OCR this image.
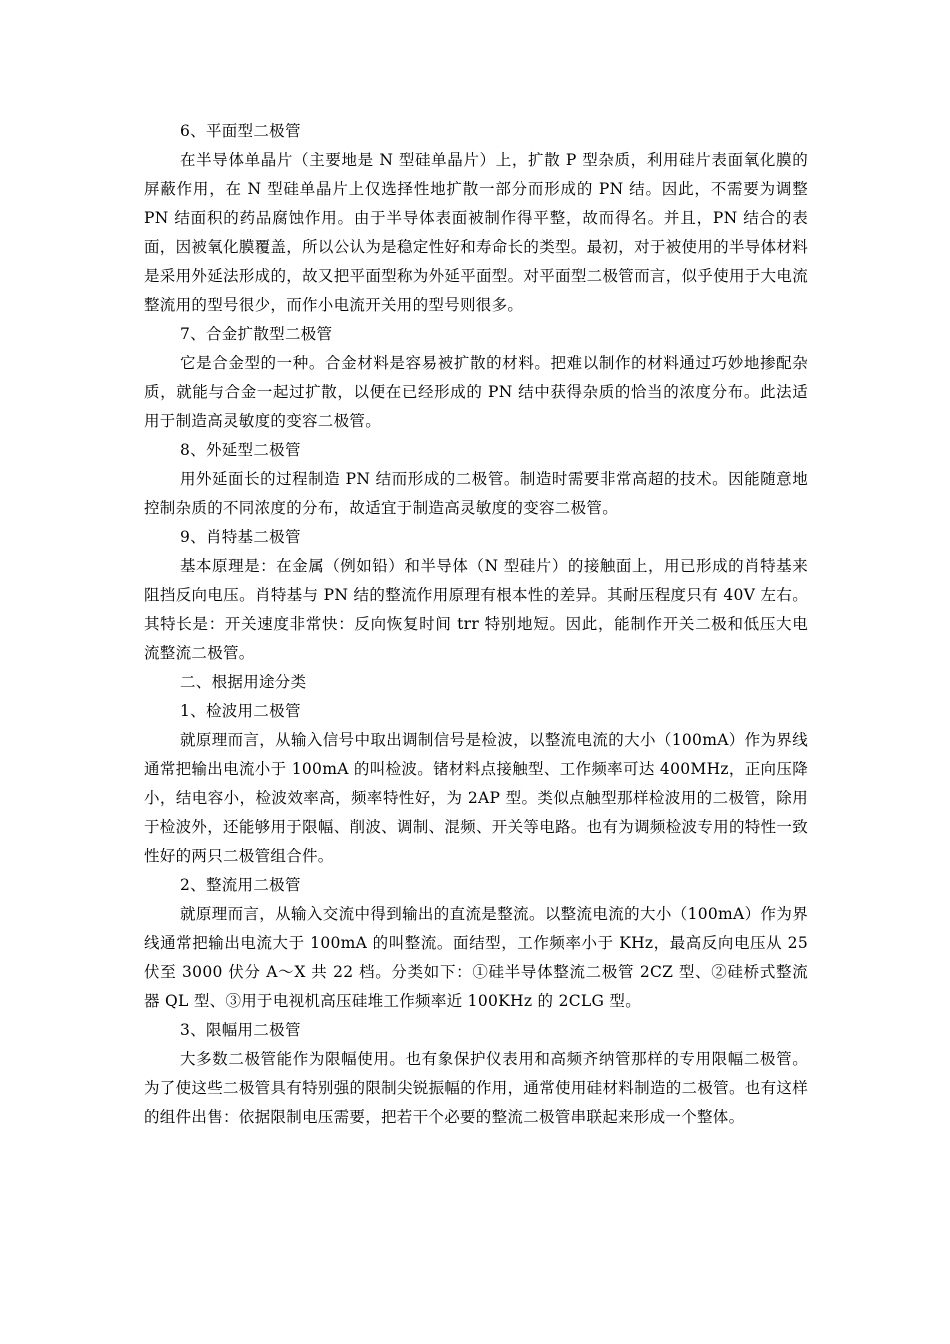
6、平面型二极管

在半导体单晶片（主要地是 N 型硅单晶片）上，扩散 P 型杂质，利用硅片表面氧化膜的屏蔽作用，在 N 型硅单晶片上仅选择性地扩散一部分而形成的 PN 结。因此，不需要为调整 PN 结面积的药品腐蚀作用。由于半导体表面被制作得平整，故而得名。并且，PN 结合的表面，因被氧化膜覆盖，所以公认为是稳定性好和寿命长的类型。最初，对于被使用的半导体材料是采用外延法形成的，故又把平面型称为外延平面型。对平面型二极管而言，似乎使用于大电流整流用的型号很少，而作小电流开关用的型号则很多。

7、合金扩散型二极管

它是合金型的一种。合金材料是容易被扩散的材料。把难以制作的材料通过巧妙地掺配杂质，就能与合金一起过扩散，以便在已经形成的 PN 结中获得杂质的恰当的浓度分布。此法适用于制造高灵敏度的变容二极管。

8、外延型二极管

用外延面长的过程制造 PN 结而形成的二极管。制造时需要非常高超的技术。因能随意地控制杂质的不同浓度的分布，故适宜于制造高灵敏度的变容二极管。

9、肖特基二极管

基本原理是：在金属（例如铅）和半导体（N 型硅片）的接触面上，用已形成的肖特基来阻挡反向电压。肖特基与 PN 结的整流作用原理有根本性的差异。其耐压程度只有 40V 左右。其特长是：开关速度非常快：反向恢复时间 trr 特别地短。因此，能制作开关二极和低压大电流整流二极管。

二、根据用途分类

1、检波用二极管

就原理而言，从输入信号中取出调制信号是检波，以整流电流的大小（100mA）作为界线通常把输出电流小于 100mA 的叫检波。锗材料点接触型、工作频率可达 400MHz，正向压降小，结电容小，检波效率高，频率特性好，为 2AP 型。类似点触型那样检波用的二极管，除用于检波外，还能够用于限幅、削波、调制、混频、开关等电路。也有为调频检波专用的特性一致性好的两只二极管组合件。

2、整流用二极管

就原理而言，从输入交流中得到输出的直流是整流。以整流电流的大小（100mA）作为界线通常把输出电流大于 100mA 的叫整流。面结型，工作频率小于 KHz，最高反向电压从 25 伏至 3000 伏分 A～X 共 22 档。分类如下：①硅半导体整流二极管 2CZ 型、②硅桥式整流器 QL 型、③用于电视机高压硅堆工作频率近 100KHz 的 2CLG 型。

3、限幅用二极管

大多数二极管能作为限幅使用。也有象保护仪表用和高频齐纳管那样的专用限幅二极管。为了使这些二极管具有特别强的限制尖锐振幅的作用，通常使用硅材料制造的二极管。也有这样的组件出售：依据限制电压需要，把若干个必要的整流二极管串联起来形成一个整体。
